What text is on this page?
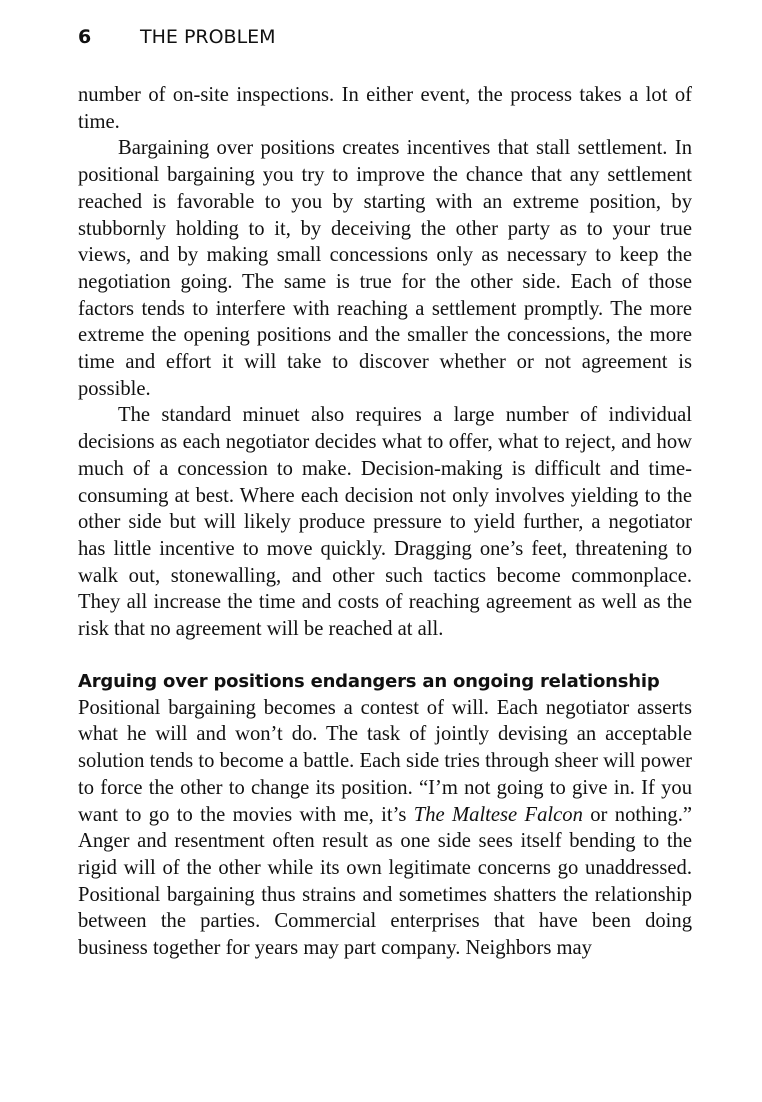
6	THE PROBLEM

number of on-site inspections. In either event, the process takes a lot of time.

Bargaining over positions creates incentives that stall settlement. In positional bargaining you try to improve the chance that any settlement reached is favorable to you by starting with an extreme position, by stubbornly holding to it, by deceiving the other party as to your true views, and by making small concessions only as necessary to keep the negotiation going. The same is true for the other side. Each of those factors tends to interfere with reaching a settlement promptly. The more extreme the opening positions and the smaller the concessions, the more time and effort it will take to discover whether or not agreement is possible.

The standard minuet also requires a large number of individual decisions as each negotiator decides what to offer, what to reject, and how much of a concession to make. Decision-making is difficult and time-consuming at best. Where each decision not only involves yielding to the other side but will likely produce pressure to yield further, a negotiator has little incentive to move quickly. Dragging one’s feet, threatening to walk out, stonewalling, and other such tactics become commonplace. They all increase the time and costs of reaching agreement as well as the risk that no agreement will be reached at all.

Arguing over positions endangers an ongoing relationship

Positional bargaining becomes a contest of will. Each negotiator asserts what he will and won’t do. The task of jointly devising an acceptable solution tends to become a battle. Each side tries through sheer will power to force the other to change its position. “I’m not going to give in. If you want to go to the movies with me, it’s The Maltese Falcon or nothing.” Anger and resentment often result as one side sees itself bending to the rigid will of the other while its own legitimate concerns go unaddressed. Positional bargaining thus strains and sometimes shatters the relationship between the parties. Commercial enterprises that have been doing business together for years may part company. Neighbors may
